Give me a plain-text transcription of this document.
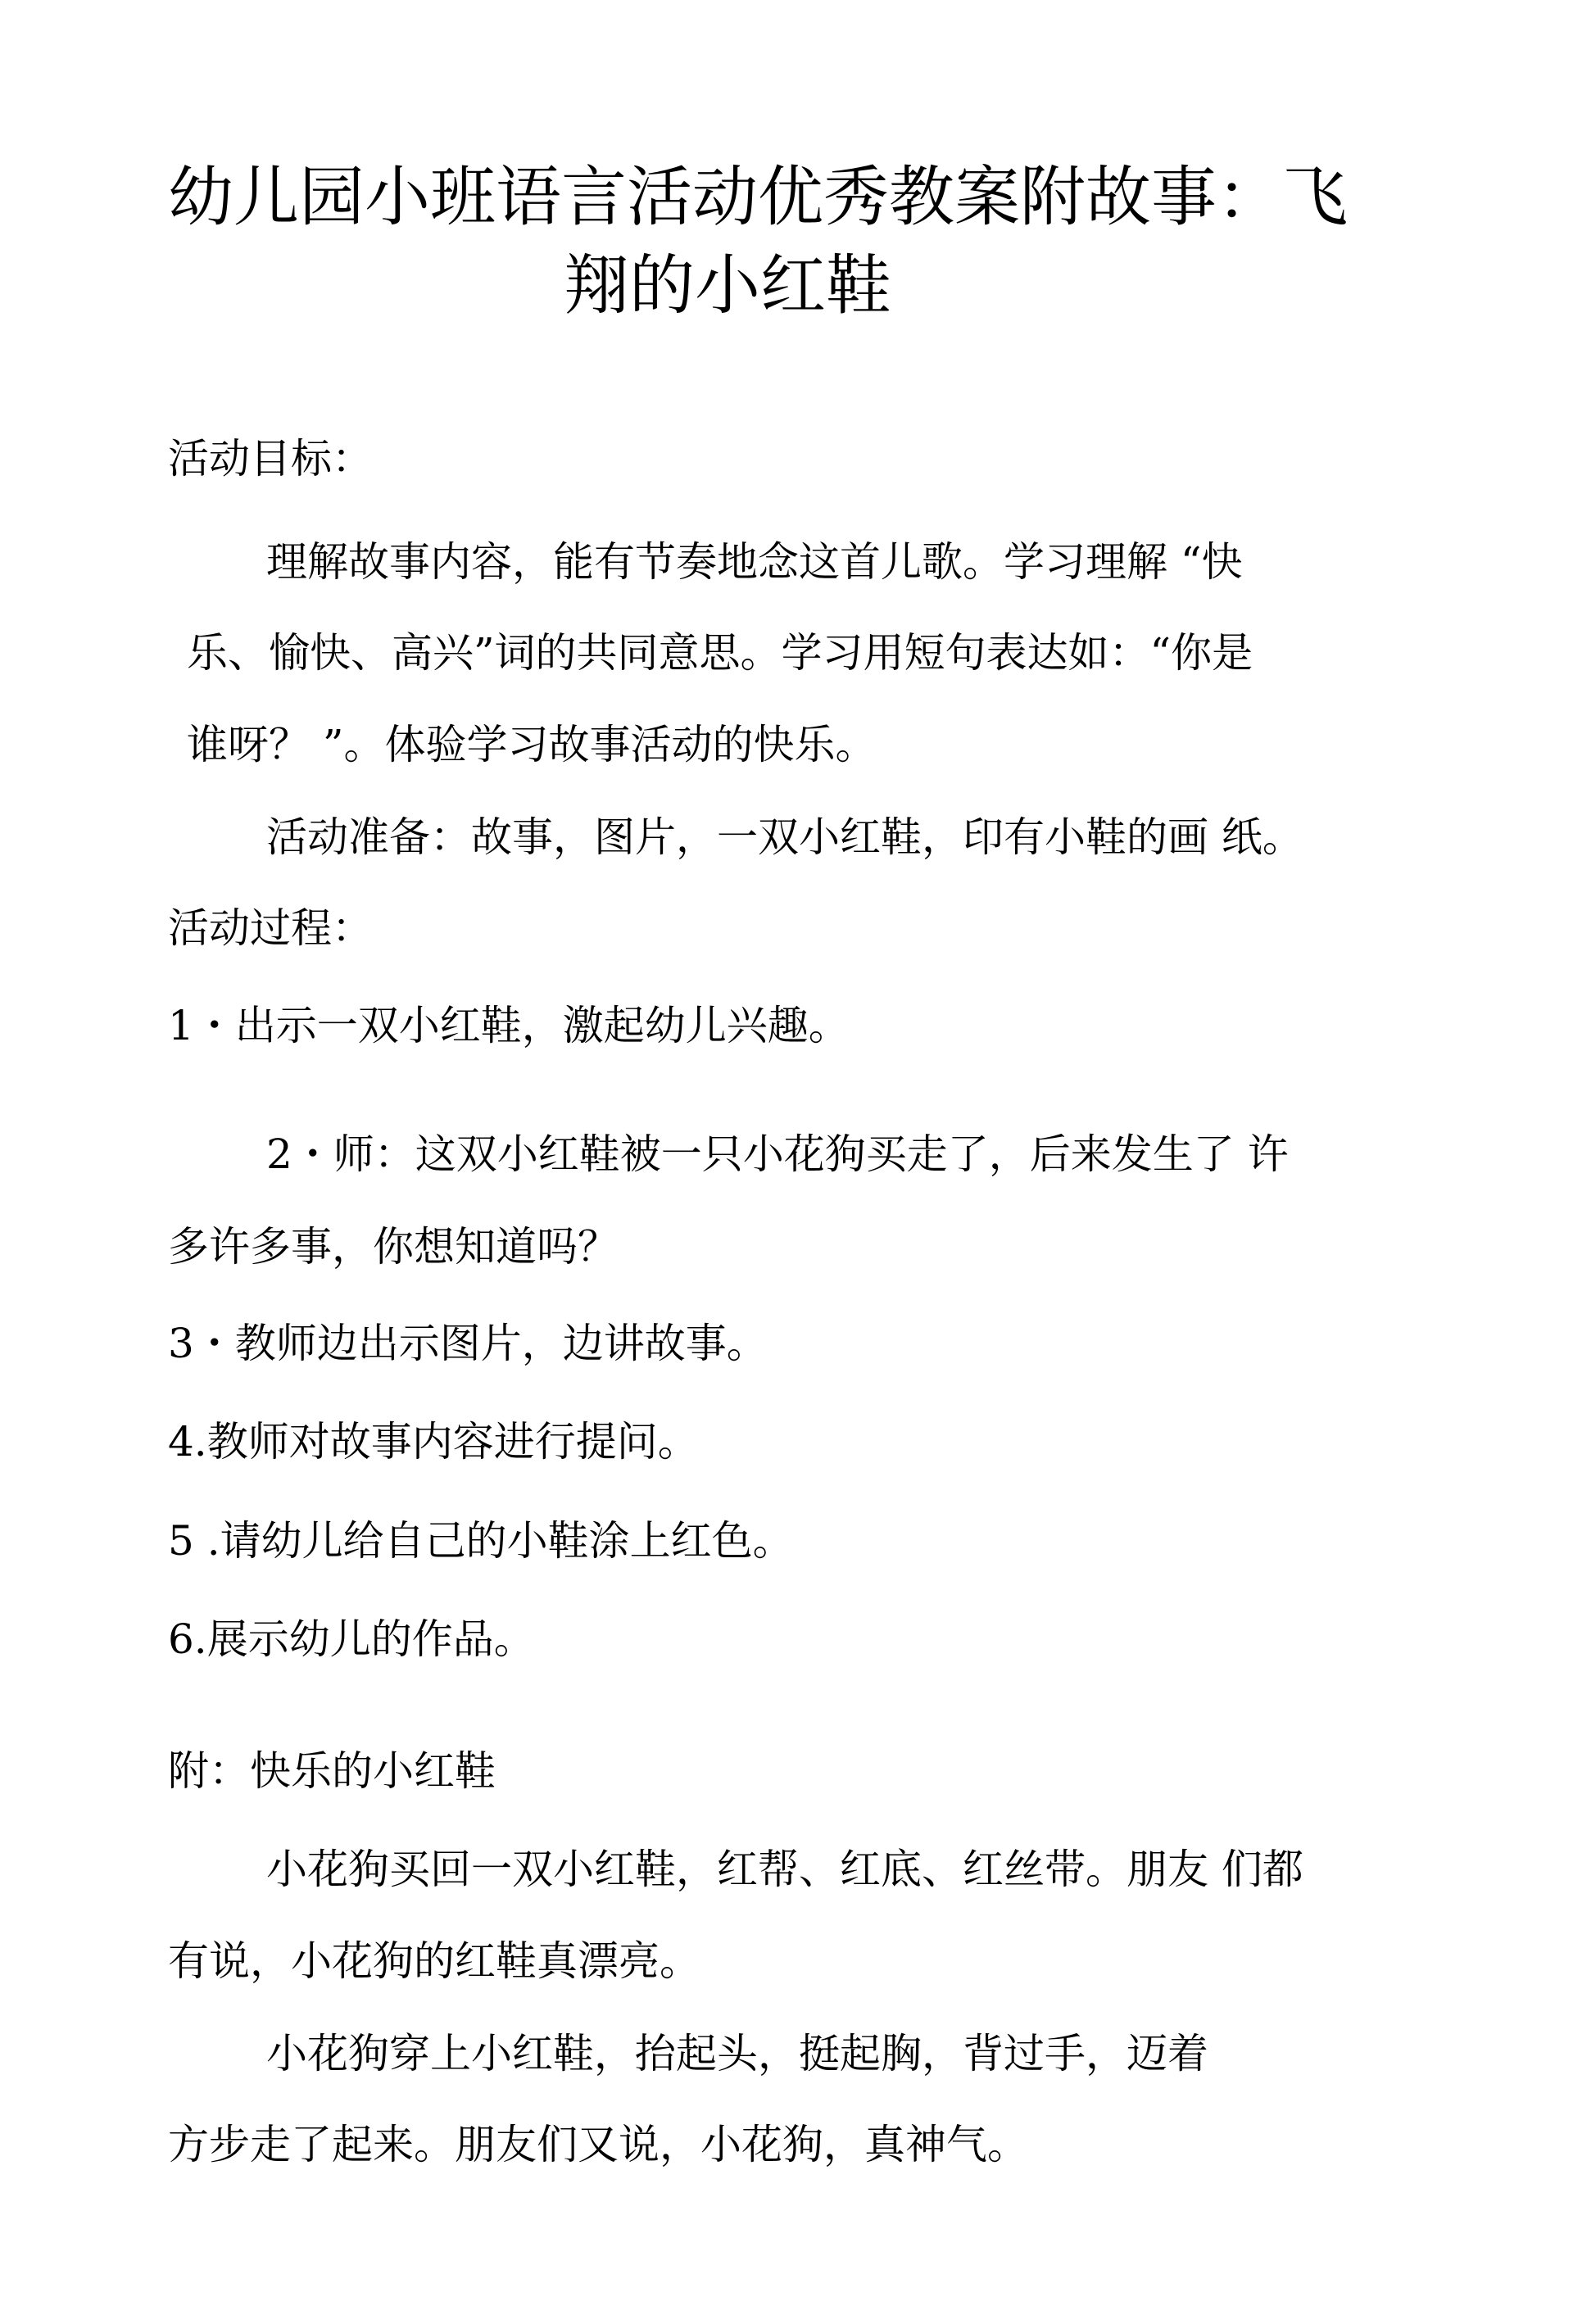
幼儿园小班语言活动优秀教案附故事：飞
翔的小红鞋
活动目标：
理解故事内容，能有节奏地念这首儿歌。学习理解 “快
乐、愉快、高兴”词的共同意思。学习用短句表达如：“你是
谁呀？ ”。体验学习故事活动的快乐。
活动准备：故事，图片，一双小红鞋，印有小鞋的画 纸。
活动过程：
1・出示一双小红鞋，激起幼儿兴趣。
2・师：这双小红鞋被一只小花狗买走了，后来发生了 许
多许多事，你想知道吗？
3・教师边出示图片，边讲故事。
4.教师对故事内容进行提问。
5 .请幼儿给自己的小鞋涂上红色。
6.展示幼儿的作品。
附：快乐的小红鞋
小花狗买回一双小红鞋，红帮、红底、红丝带。朋友 们都
有说，小花狗的红鞋真漂亮。
小花狗穿上小红鞋，抬起头，挺起胸，背过手，迈着
方步走了起来。朋友们又说，小花狗，真神气。
